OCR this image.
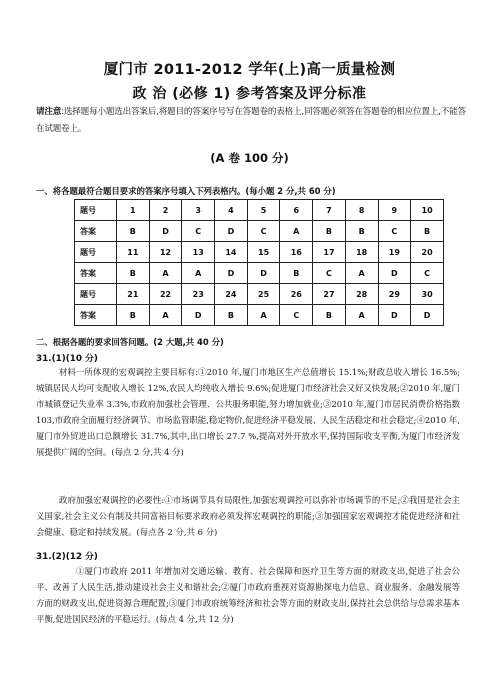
厦门市 2011-2012 学年(上)高一质量检测
政 治 (必修 1) 参考答案及评分标准
请注意:选择题每小题选出答案后,将题目的答案序号写在答题卷的表格上,同答题必须答在答题卷的相应位置上,不能答在试题卷上。
(A 卷 100 分)
一、将各题最符合题目要求的答案序号填入下列表格内。(每小题 2 分,共 60 分)
题号	1	2	3	4	5	6	7	8	9	10
答案	B	D	C	D	C	A	B	B	C	B
题号	11	12	13	14	15	16	17	18	19	20
答案	B	A	A	D	D	B	C	A	D	C
题号	21	22	23	24	25	26	27	28	29	30
答案	B	A	D	B	A	C	B	A	D	D
二、根据各题的要求回答问题。(2 大题,共 40 分)
31.(1)(10 分)
材料一所体现的宏观调控主要目标有:①2010 年,厦门市地区生产总值增长 15.1%;财政总收入增长 16.5%;城镇居民人均可支配收入增长 12%,农民人均纯收入增长 9.6%;促进厦门市经济社会又好又快发展;②2010 年,厦门市城镇登记失业率 3.3%,市政府加强社会管理、公共服务职能,努力增加就业;③2010 年,厦门市居民消费价格指数 103,市政府全面履行经济调节、市场监管职能,稳定物价,促进经济平稳发展、人民生活稳定和社会稳定;④2010 年,厦门市外贸进出口总额增长 31.7%,其中,出口增长 27.7 %,提高对外开放水平,保持国际收支平衡,为厦门市经济发展提供广阔的空间。(每点 2 分,共 4 分)
政府加强宏观调控的必要性:①市场调节具有局限性,加强宏观调控可以弥补市场调节的不足;②我国是社会主义国家,社会主义公有制及共同富裕目标要求政府必须发挥宏观调控的职能;③加强国家宏观调控才能促进经济和社会健康、稳定和持续发展。(每点各 2 分,共 6 分)
31.(2)(12 分)
①厦门市政府 2011 年增加对交通运输、教育、社会保障和医疗卫生等方面的财政支出,促进了社会公平、改善了人民生活,推动建设社会主义和谐社会;②厦门市政府重视对资源勘探电力信息、商业服务、金融发展等方面的财政支出,促进资源合理配置;③厦门市政府统筹经济和社会等方面的财政支出,保持社会总供给与总需求基本平衡,促进国民经济的平稳运行。(每点 4 分,共 12 分)
